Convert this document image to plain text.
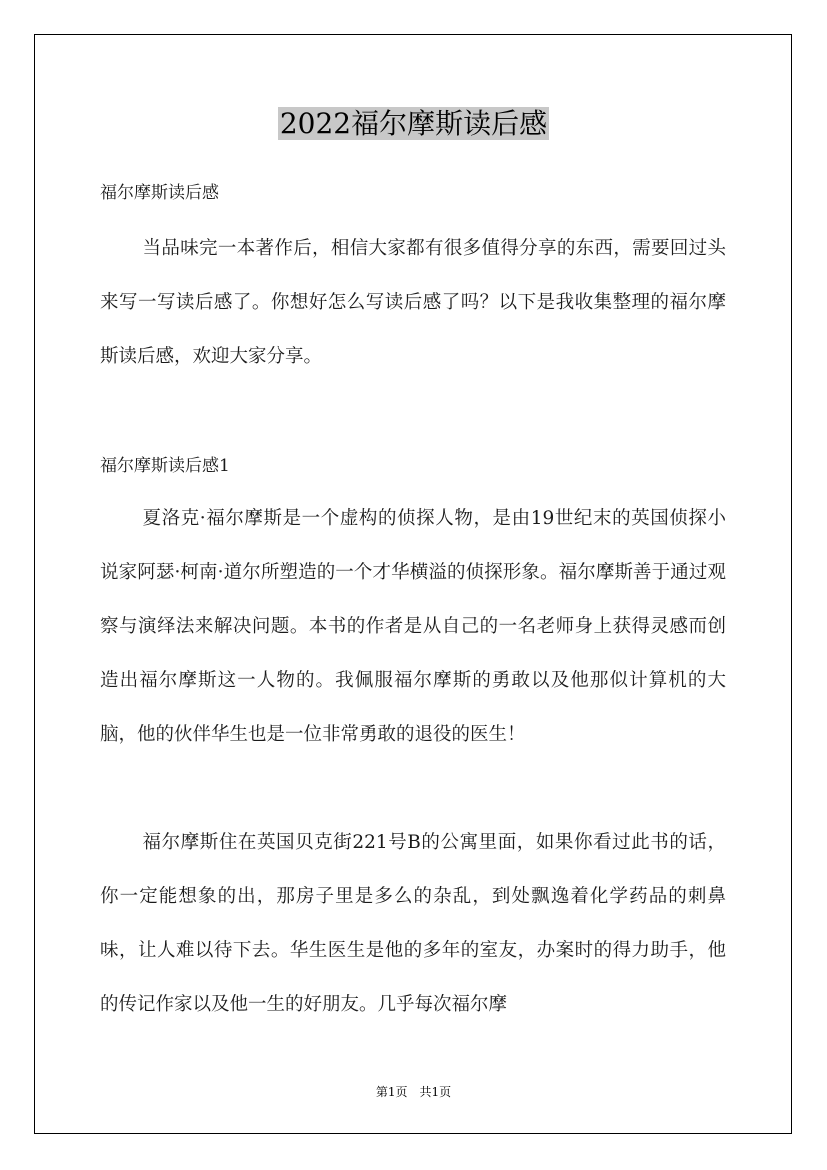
2022福尔摩斯读后感

福尔摩斯读后感

当品味完一本著作后，相信大家都有很多值得分享的东西，需要回过头来写一写读后感了。你想好怎么写读后感了吗？以下是我收集整理的福尔摩斯读后感，欢迎大家分享。

福尔摩斯读后感1

夏洛克·福尔摩斯是一个虚构的侦探人物，是由19世纪末的英国侦探小说家阿瑟·柯南·道尔所塑造的一个才华横溢的侦探形象。福尔摩斯善于通过观察与演绎法来解决问题。本书的作者是从自己的一名老师身上获得灵感而创造出福尔摩斯这一人物的。我佩服福尔摩斯的勇敢以及他那似计算机的大脑，他的伙伴华生也是一位非常勇敢的退役的医生！

福尔摩斯住在英国贝克街221号B的公寓里面，如果你看过此书的话，你一定能想象的出，那房子里是多么的杂乱，到处飘逸着化学药品的刺鼻味，让人难以待下去。华生医生是他的多年的室友，办案时的得力助手，他的传记作家以及他一生的好朋友。几乎每次福尔摩

第1页　共1页
